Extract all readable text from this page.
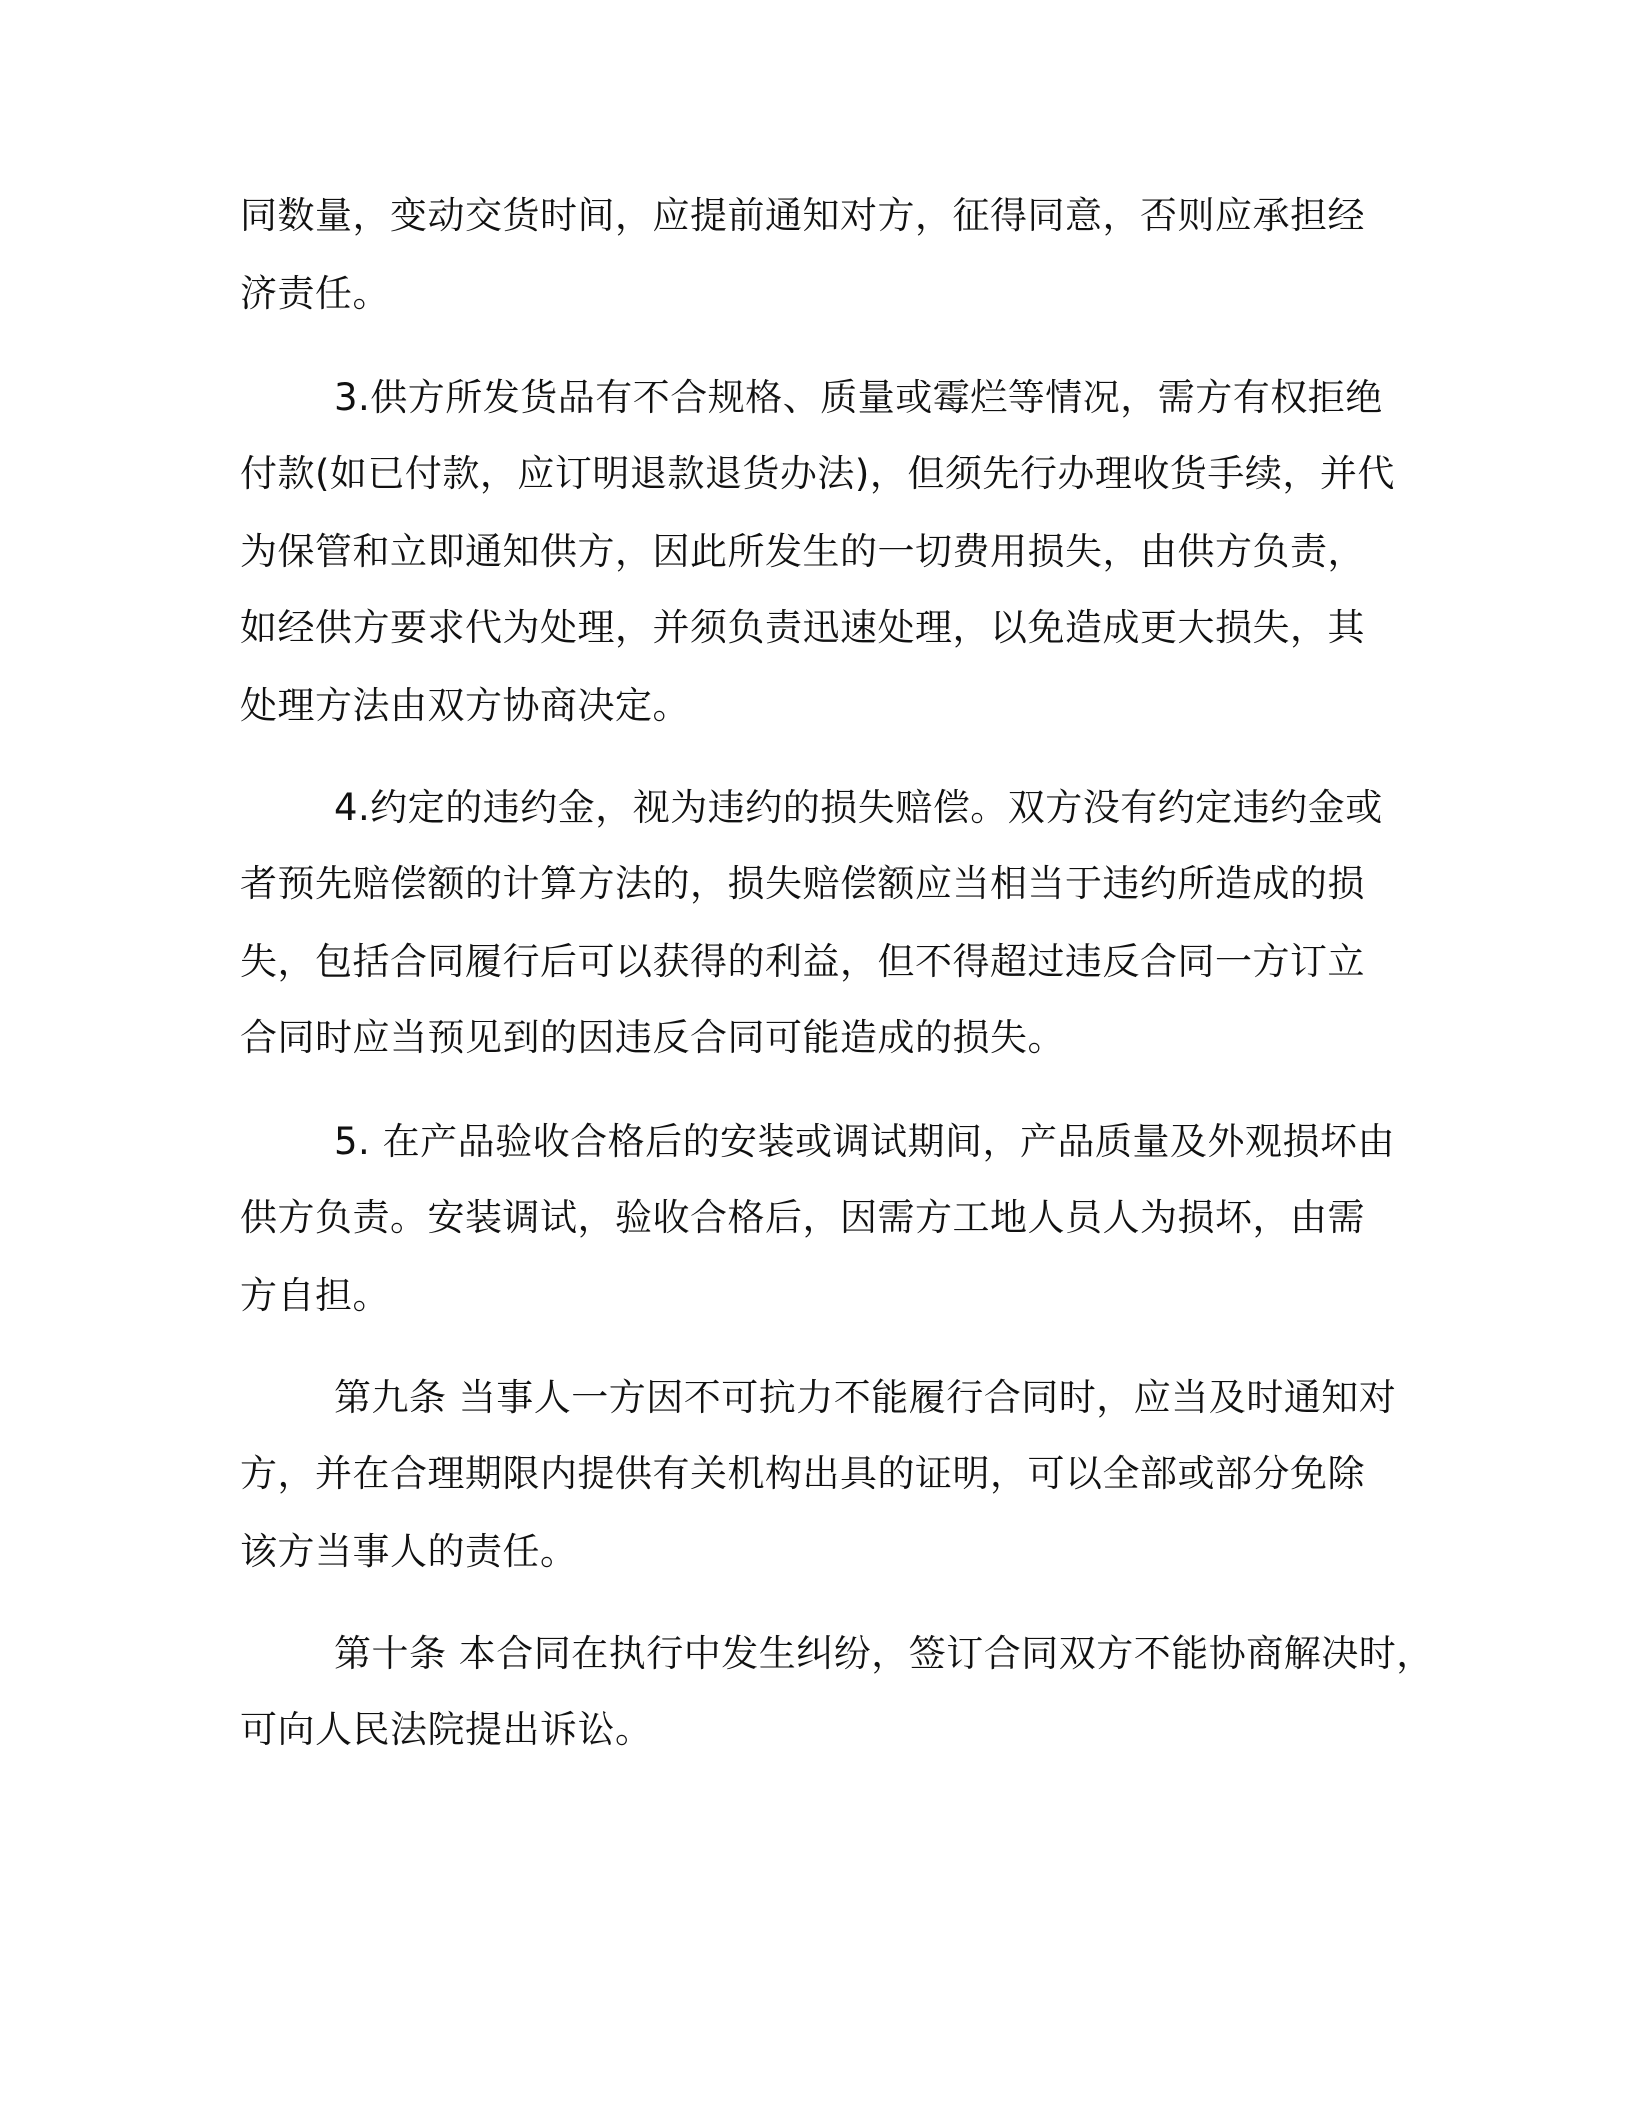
同数量，变动交货时间，应提前通知对方，征得同意，否则应承担经
济责任。
3.供方所发货品有不合规格、质量或霉烂等情况，需方有权拒绝
付款(如已付款，应订明退款退货办法)，但须先行办理收货手续，并代
为保管和立即通知供方，因此所发生的一切费用损失，由供方负责，
如经供方要求代为处理，并须负责迅速处理，以免造成更大损失，其
处理方法由双方协商决定。
4.约定的违约金，视为违约的损失赔偿。双方没有约定违约金或
者预先赔偿额的计算方法的，损失赔偿额应当相当于违约所造成的损
失，包括合同履行后可以获得的利益，但不得超过违反合同一方订立
合同时应当预见到的因违反合同可能造成的损失。
5. 在产品验收合格后的安装或调试期间，产品质量及外观损坏由
供方负责。安装调试，验收合格后，因需方工地人员人为损坏，由需
方自担。
第九条 当事人一方因不可抗力不能履行合同时，应当及时通知对
方，并在合理期限内提供有关机构出具的证明，可以全部或部分免除
该方当事人的责任。
第十条 本合同在执行中发生纠纷，签订合同双方不能协商解决时，
可向人民法院提出诉讼。
